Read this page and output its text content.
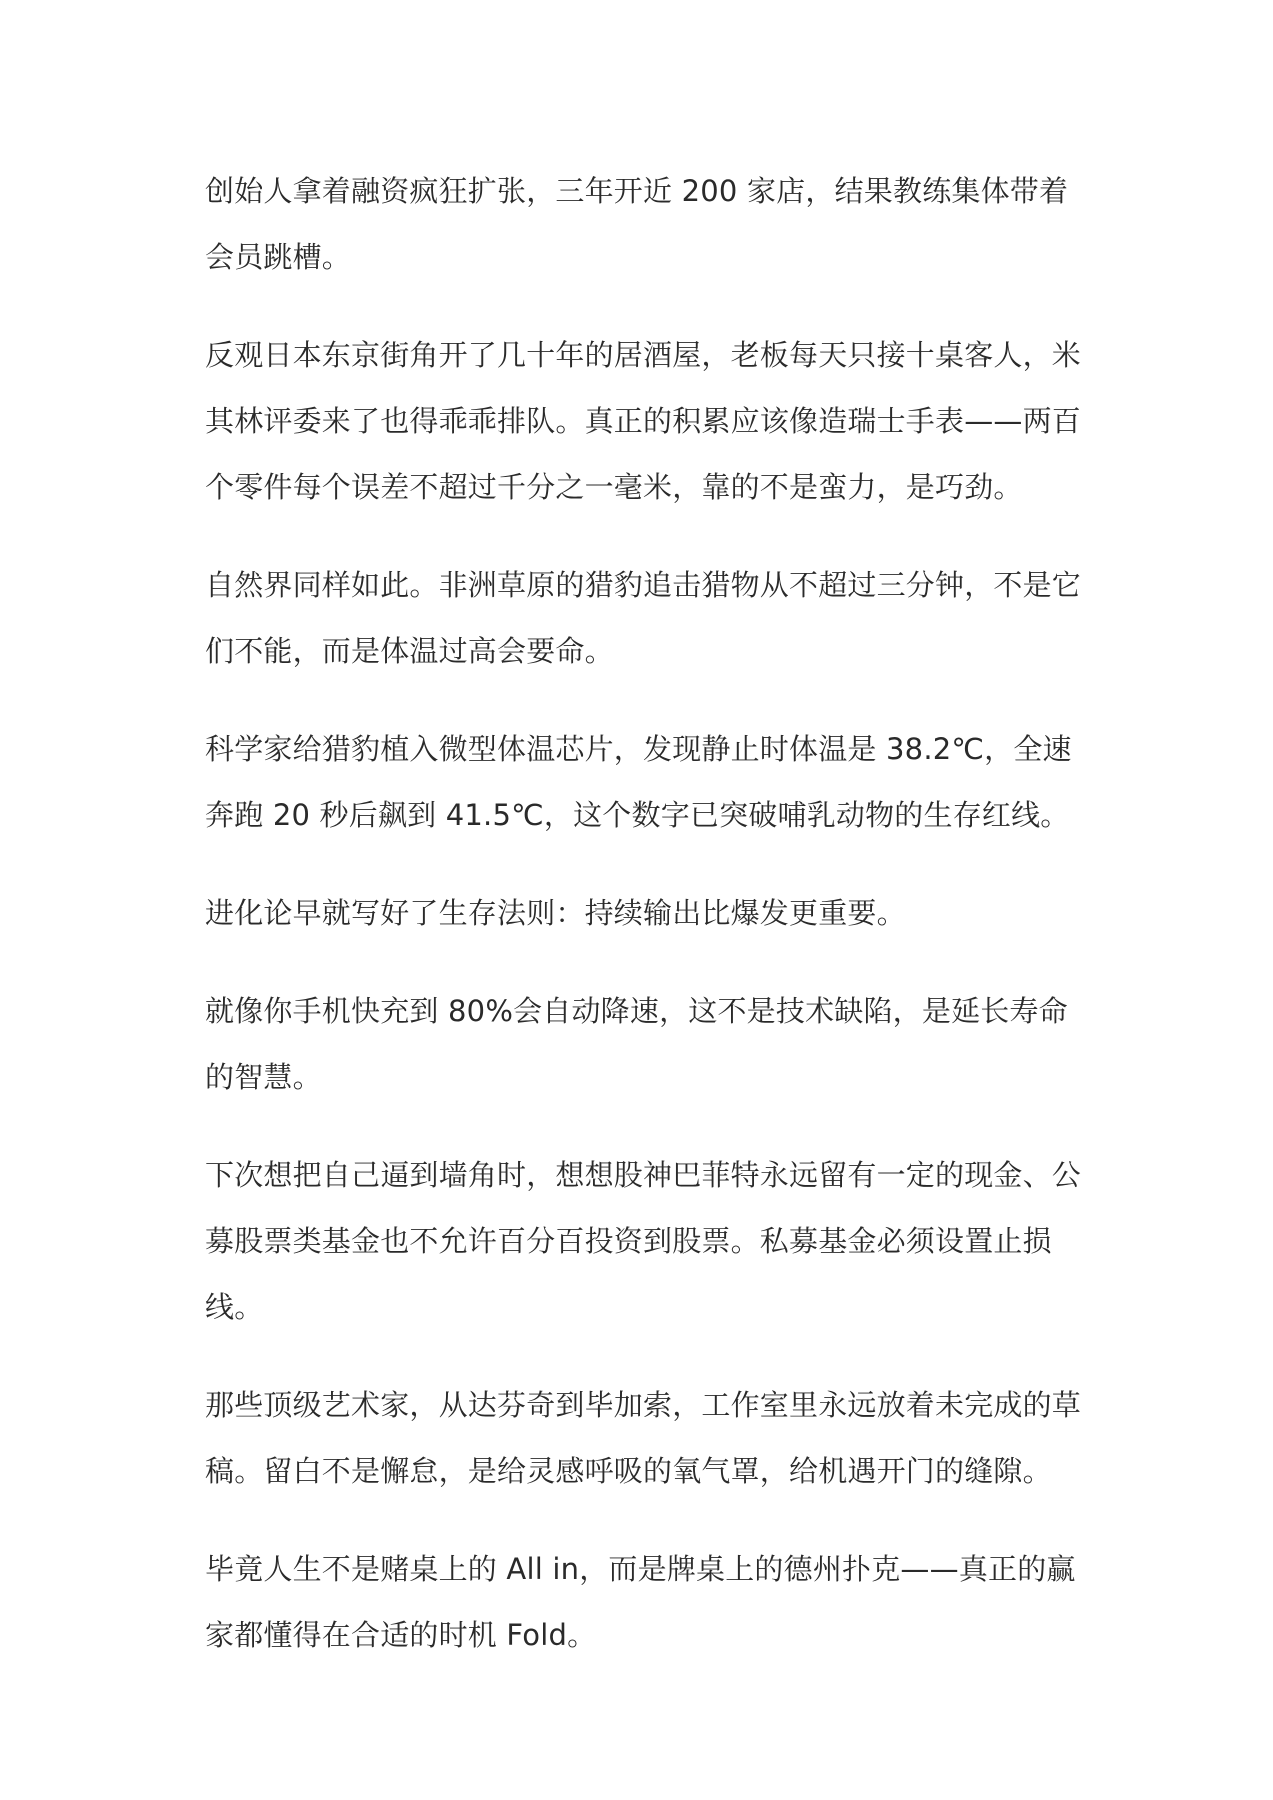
创始人拿着融资疯狂扩张，三年开近 200 家店，结果教练集体带着会员跳槽。

反观日本东京街角开了几十年的居酒屋，老板每天只接十桌客人，米其林评委来了也得乖乖排队。真正的积累应该像造瑞士手表——两百个零件每个误差不超过千分之一毫米，靠的不是蛮力，是巧劲。

自然界同样如此。非洲草原的猎豹追击猎物从不超过三分钟，不是它们不能，而是体温过高会要命。

科学家给猎豹植入微型体温芯片，发现静止时体温是 38.2℃，全速奔跑 20 秒后飙到 41.5℃，这个数字已突破哺乳动物的生存红线。

进化论早就写好了生存法则：持续输出比爆发更重要。

就像你手机快充到 80%会自动降速，这不是技术缺陷，是延长寿命的智慧。

下次想把自己逼到墙角时，想想股神巴菲特永远留有一定的现金、公募股票类基金也不允许百分百投资到股票。私募基金必须设置止损线。

那些顶级艺术家，从达芬奇到毕加索，工作室里永远放着未完成的草稿。留白不是懈怠，是给灵感呼吸的氧气罩，给机遇开门的缝隙。

毕竟人生不是赌桌上的 All in，而是牌桌上的德州扑克——真正的赢家都懂得在合适的时机 Fold。
